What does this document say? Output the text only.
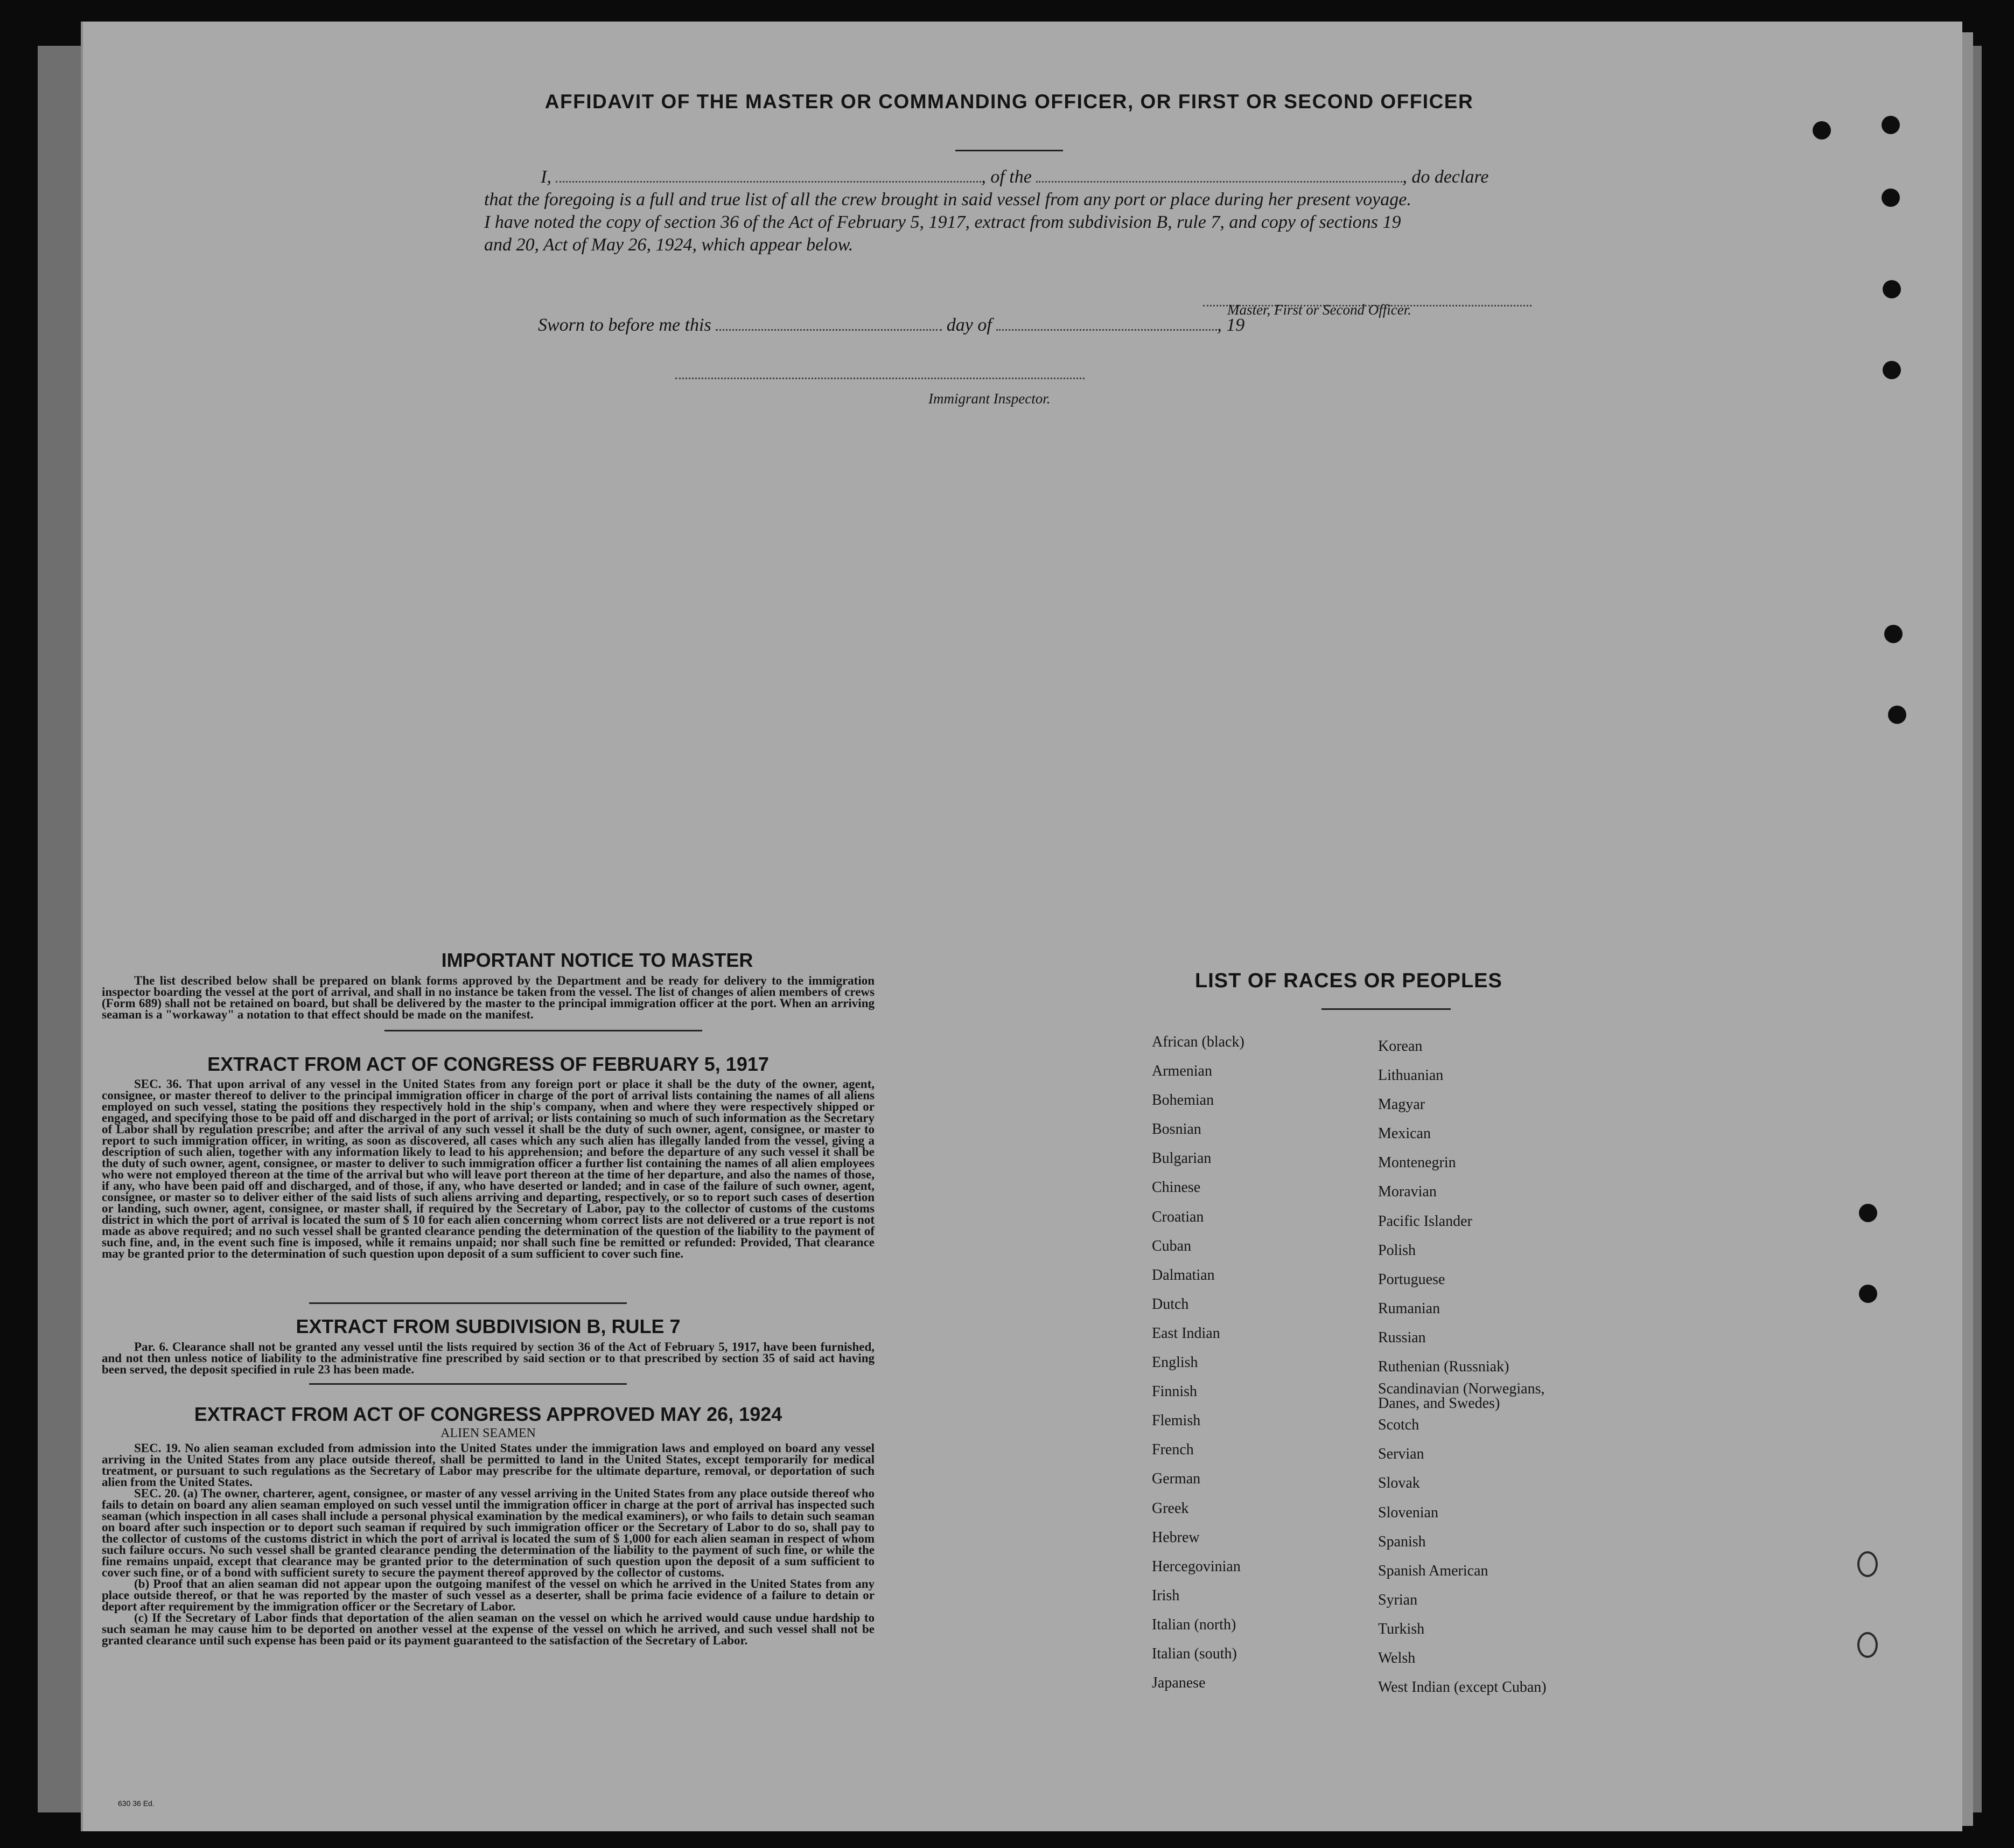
AFFIDAVIT OF THE MASTER OR COMMANDING OFFICER, OR FIRST OR SECOND OFFICER
I,	, of the	, do declare
that the foregoing is a full and true list of all the crew brought in said vessel from any port or place during her present voyage.
I have noted the copy of section 36 of the Act of February 5, 1917, extract from subdivision B, rule 7, and copy of sections 19
and 20, Act of May 26, 1924, which appear below.
Master, First or Second Officer.
Sworn to before me this	day of	, 19
Immigrant Inspector.
IMPORTANT NOTICE TO MASTER

The list described below shall be prepared on blank forms approved by the Department and be ready for delivery to the immigration inspector boarding the vessel at the port of arrival, and shall in no instance be taken from the vessel. The list of changes of alien members of crews (Form 689) shall not be retained on board, but shall be delivered by the master to the principal immigration officer at the port. When an arriving seaman is a "workaway" a notation to that effect should be made on the manifest.

EXTRACT FROM ACT OF CONGRESS OF FEBRUARY 5, 1917

SEC. 36. That upon arrival of any vessel in the United States from any foreign port or place it shall be the duty of the owner, agent, consignee, or master thereof to deliver to the principal immigration officer in charge of the port of arrival lists containing the names of all aliens employed on such vessel, stating the positions they respectively hold in the ship's company, when and where they were respectively shipped or engaged, and specifying those to be paid off and discharged in the port of arrival; or lists containing so much of such information as the Secretary of Labor shall by regulation prescribe; and after the arrival of any such vessel it shall be the duty of such owner, agent, consignee, or master to report to such immigration officer, in writing, as soon as discovered, all cases which any such alien has illegally landed from the vessel, giving a description of such alien, together with any information likely to lead to his apprehension; and before the departure of any such vessel it shall be the duty of such owner, agent, consignee, or master to deliver to such immigration officer a further list containing the names of all alien employees who were not employed thereon at the time of the arrival but who will leave port thereon at the time of her departure, and also the names of those, if any, who have been paid off and discharged, and of those, if any, who have deserted or landed; and in case of the failure of such owner, agent, consignee, or master so to deliver either of the said lists of such aliens arriving and departing, respectively, or so to report such cases of desertion or landing, such owner, agent, consignee, or master shall, if required by the Secretary of Labor, pay to the collector of customs of the customs district in which the port of arrival is located the sum of $ 10 for each alien concerning whom correct lists are not delivered or a true report is not made as above required; and no such vessel shall be granted clearance pending the determination of the question of the liability to the payment of such fine, and, in the event such fine is imposed, while it remains unpaid; nor shall such fine be remitted or refunded: Provided, That clearance may be granted prior to the determination of such question upon deposit of a sum sufficient to cover such fine.

EXTRACT FROM SUBDIVISION B, RULE 7

Par. 6. Clearance shall not be granted any vessel until the lists required by section 36 of the Act of February 5, 1917, have been furnished, and not then unless notice of liability to the administrative fine prescribed by said section or to that prescribed by section 35 of said act having been served, the deposit specified in rule 23 has been made.

EXTRACT FROM ACT OF CONGRESS APPROVED MAY 26, 1924
ALIEN SEAMEN

SEC. 19. No alien seaman excluded from admission into the United States under the immigration laws and employed on board any vessel arriving in the United States from any place outside thereof, shall be permitted to land in the United States, except temporarily for medical treatment, or pursuant to such regulations as the Secretary of Labor may prescribe for the ultimate departure, removal, or deportation of such alien from the United States.

SEC. 20. (a) The owner, charterer, agent, consignee, or master of any vessel arriving in the United States from any place outside thereof who fails to detain on board any alien seaman employed on such vessel until the immigration officer in charge at the port of arrival has inspected such seaman (which inspection in all cases shall include a personal physical examination by the medical examiners), or who fails to detain such seaman on board after such inspection or to deport such seaman if required by such immigration officer or the Secretary of Labor to do so, shall pay to the collector of customs of the customs district in which the port of arrival is located the sum of $ 1,000 for each alien seaman in respect of whom such failure occurs. No such vessel shall be granted clearance pending the determination of the liability to the payment of such fine, or while the fine remains unpaid, except that clearance may be granted prior to the determination of such question upon the deposit of a sum sufficient to cover such fine, or of a bond with sufficient surety to secure the payment thereof approved by the collector of customs.

(b) Proof that an alien seaman did not appear upon the outgoing manifest of the vessel on which he arrived in the United States from any place outside thereof, or that he was reported by the master of such vessel as a deserter, shall be prima facie evidence of a failure to detain or deport after requirement by the immigration officer or the Secretary of Labor.

(c) If the Secretary of Labor finds that deportation of the alien seaman on the vessel on which he arrived would cause undue hardship to such seaman he may cause him to be deported on another vessel at the expense of the vessel on which he arrived, and such vessel shall not be granted clearance until such expense has been paid or its payment guaranteed to the satisfaction of the Secretary of Labor.

LIST OF RACES OR PEOPLES
African (black)
Armenian
Bohemian
Bosnian
Bulgarian
Chinese
Croatian
Cuban
Dalmatian
Dutch
East Indian
English
Finnish
Flemish
French
German
Greek
Hebrew
Hercegovinian
Irish
Italian (north)
Italian (south)
Japanese
Korean
Lithuanian
Magyar
Mexican
Montenegrin
Moravian
Pacific Islander
Polish
Portuguese
Rumanian
Russian
Ruthenian (Russniak)
Scandinavian (Norwegians, Danes, and Swedes)
Scotch
Servian
Slovak
Slovenian
Spanish
Spanish American
Syrian
Turkish
Welsh
West Indian (except Cuban)
630 36 Ed.
